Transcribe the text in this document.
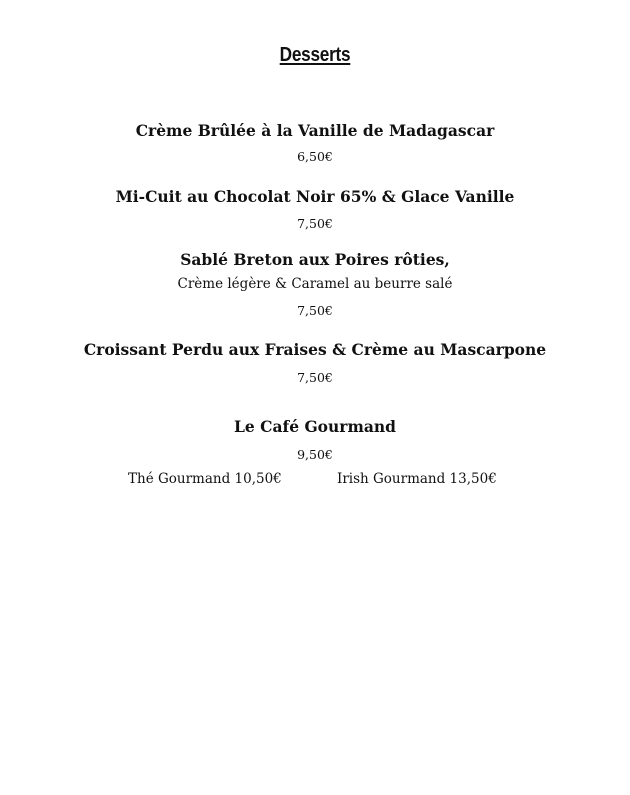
Desserts
Crème Brûlée à la Vanille de Madagascar
6,50€
Mi-Cuit au Chocolat Noir 65% & Glace Vanille
7,50€
Sablé Breton aux Poires rôties,
Crème légère & Caramel au beurre salé
7,50€
Croissant Perdu aux Fraises & Crème au Mascarpone
7,50€
Le Café Gourmand
9,50€
Thé Gourmand 10,50€	Irish Gourmand 13,50€
